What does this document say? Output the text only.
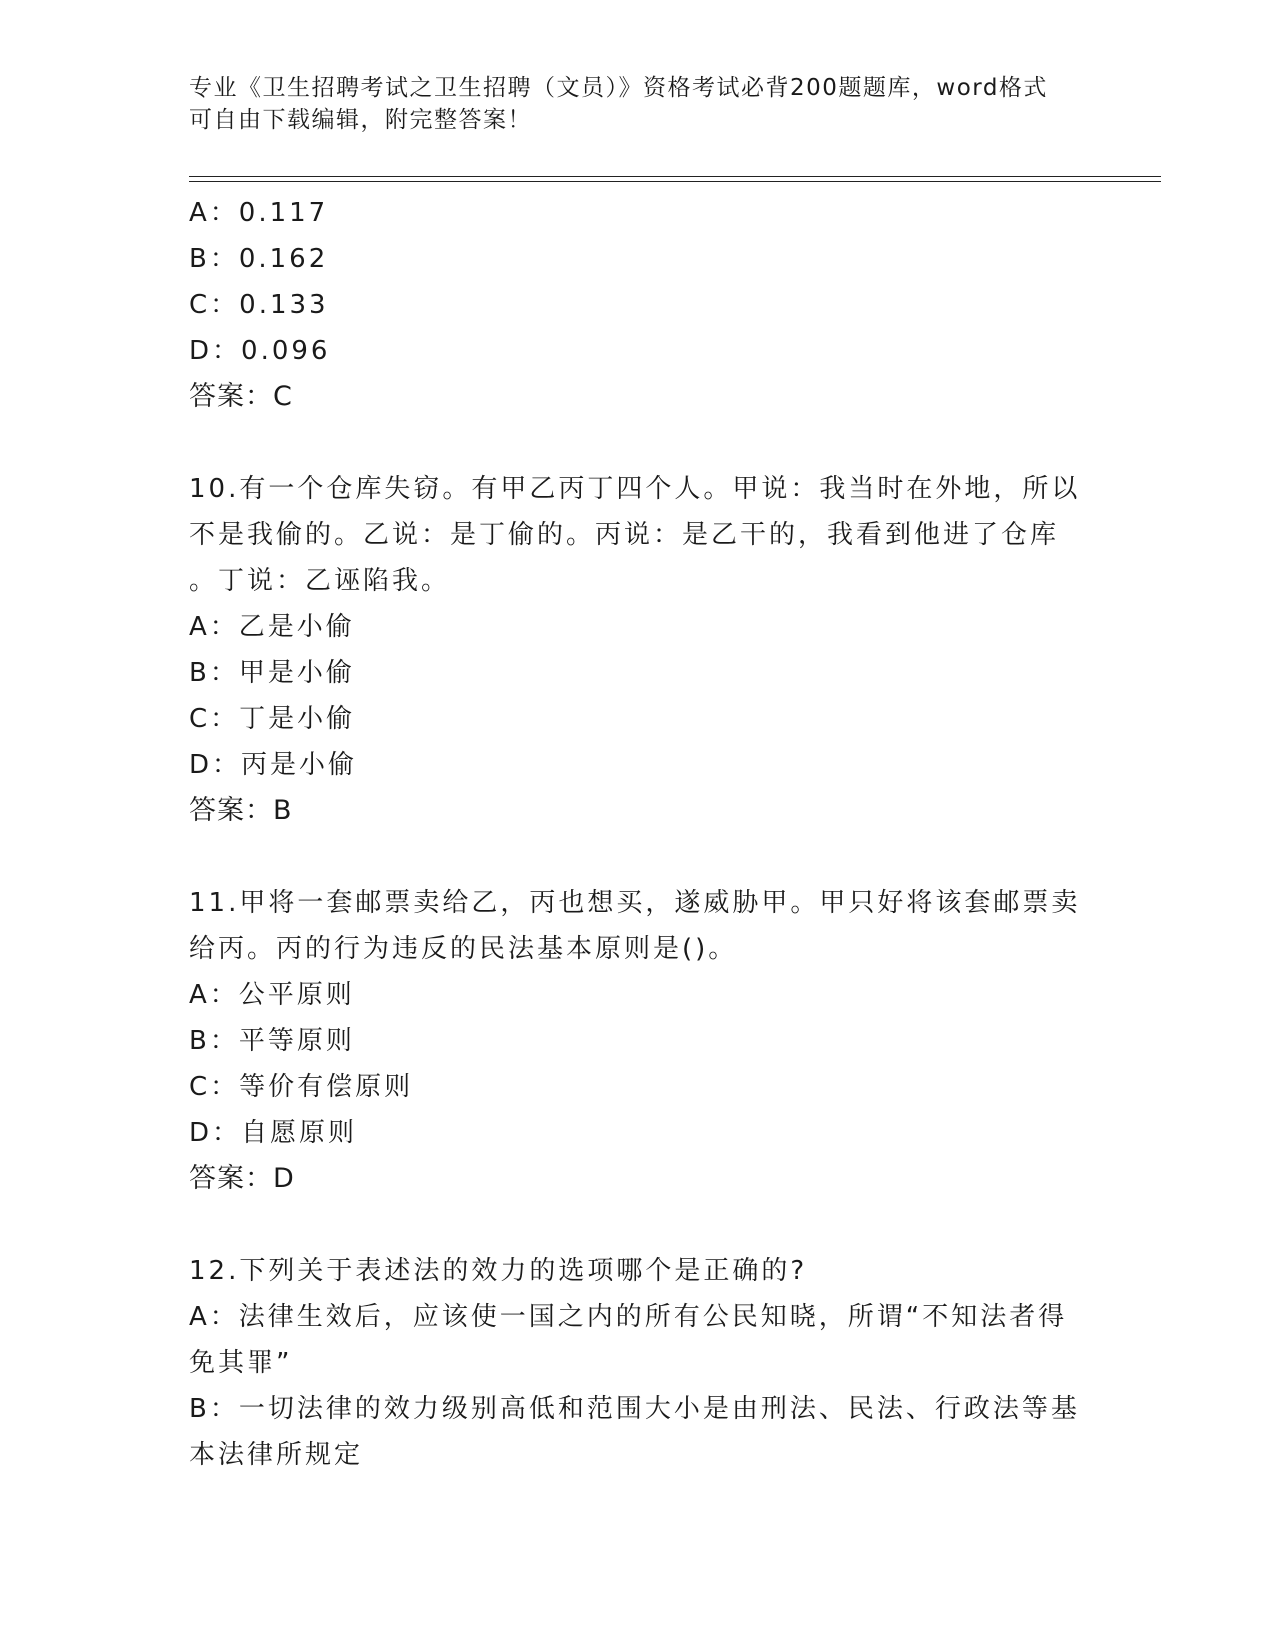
专业《卫生招聘考试之卫生招聘（文员）》资格考试必背200题题库，word格式
可自由下载编辑，附完整答案！
A：0.117
B：0.162
C：0.133
D：0.096
答案：C
10.有一个仓库失窃。有甲乙丙丁四个人。甲说：我当时在外地，所以
不是我偷的。乙说：是丁偷的。丙说：是乙干的，我看到他进了仓库
。丁说：乙诬陷我。
A：乙是小偷
B：甲是小偷
C：丁是小偷
D：丙是小偷
答案：B
11.甲将一套邮票卖给乙，丙也想买，遂威胁甲。甲只好将该套邮票卖
给丙。丙的行为违反的民法基本原则是()。
A：公平原则
B：平等原则
C：等价有偿原则
D：自愿原则
答案：D
12.下列关于表述法的效力的选项哪个是正确的?
A：法律生效后，应该使一国之内的所有公民知晓，所谓“不知法者得
免其罪”
B：一切法律的效力级别高低和范围大小是由刑法、民法、行政法等基
本法律所规定
